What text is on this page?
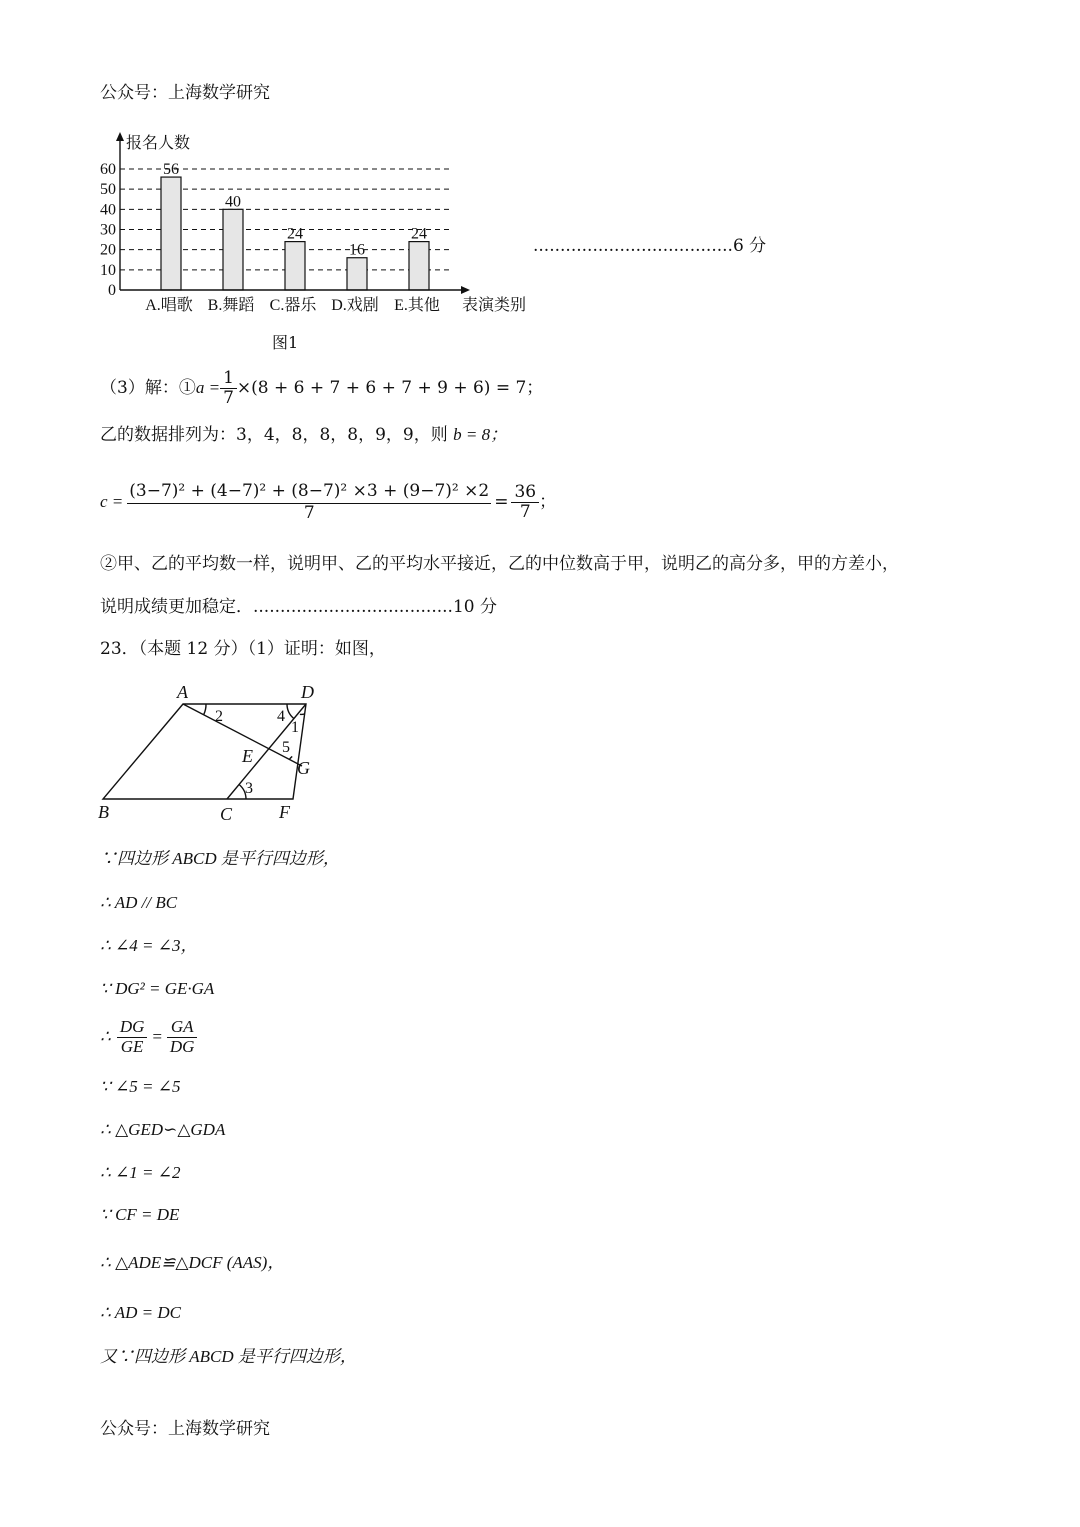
公众号：上海数学研究
报名人数
表演类别
0
10
20
30
40
50
60
A.唱歌 B.舞蹈 C.器乐 D.戏剧 E.其他
56
40
24
16
24
图1
.....................................6 分
（3）解：① $a = \frac{1}{7} \times(8 + 6 + 7 + 6 + 7 + 9 + 6) = 7$；
乙的数据排列为：3，4，8，8，8，9，9，则 b = 8；
$c = \frac{\text{(3−7)² + (4−7)² + (8−7)² ×3 + (9−7)² ×2}}{7} = \frac{36}{7}$ ；
②甲、乙的平均数一样，说明甲、乙的平均水平接近，乙的中位数高于甲，说明乙的高分多，甲的方差小，
说明成绩更加稳定．.....................................10 分
23．（本题 12 分）（1）证明：如图，
A	D
B	C	F
E
G
1
2
3
4
5
∵四边形 ABCD 是平行四边形，
∴ AD // BC
∴ ∠4 = ∠3，
∵ DG² = GE·GA
∴ $\frac{DG}{GE} = \frac{GA}{DG}$
∵ ∠5 = ∠5
∴ △GED∽△GDA
∴ ∠1 = ∠2
∵ CF = DE
∴ △ADE≌△DCF (AAS)，
∴ AD = DC
又∵四边形 ABCD 是平行四边形，
公众号：上海数学研究
